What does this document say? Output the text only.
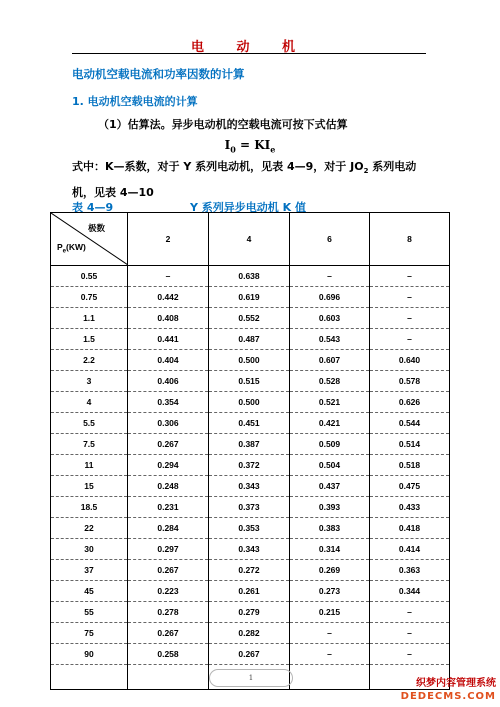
电 动 机
电动机空载电流和功率因数的计算
1. 电动机空载电流的计算
（1）估算法。异步电动机的空载电流可按下式估算
$I_0 = KI_e$
式中：K—系数，对于 Y 系列电动机，见表 4—9，对于 $JO_2$ 系列电动机，见表 4—10
表 4—9	Y 系列异步电动机 K 值
极数
$P_e(KW)$	2	4	6	8
0.55	–	0.638	–	–
0.75	0.442	0.619	0.696	–
1.1	0.408	0.552	0.603	–
1.5	0.441	0.487	0.543	–
2.2	0.404	0.500	0.607	0.640
3	0.406	0.515	0.528	0.578
4	0.354	0.500	0.521	0.626
5.5	0.306	0.451	0.421	0.544
7.5	0.267	0.387	0.509	0.514
11	0.294	0.372	0.504	0.518
15	0.248	0.343	0.437	0.475
18.5	0.231	0.373	0.393	0.433
22	0.284	0.353	0.383	0.418
30	0.297	0.343	0.314	0.414
37	0.267	0.272	0.269	0.363
45	0.223	0.261	0.273	0.344
55	0.278	0.279	0.215	–
75	0.267	0.282	–	–
90	0.258	0.267	–	–

1	织梦内容管理系统
DEDECMS.COM
